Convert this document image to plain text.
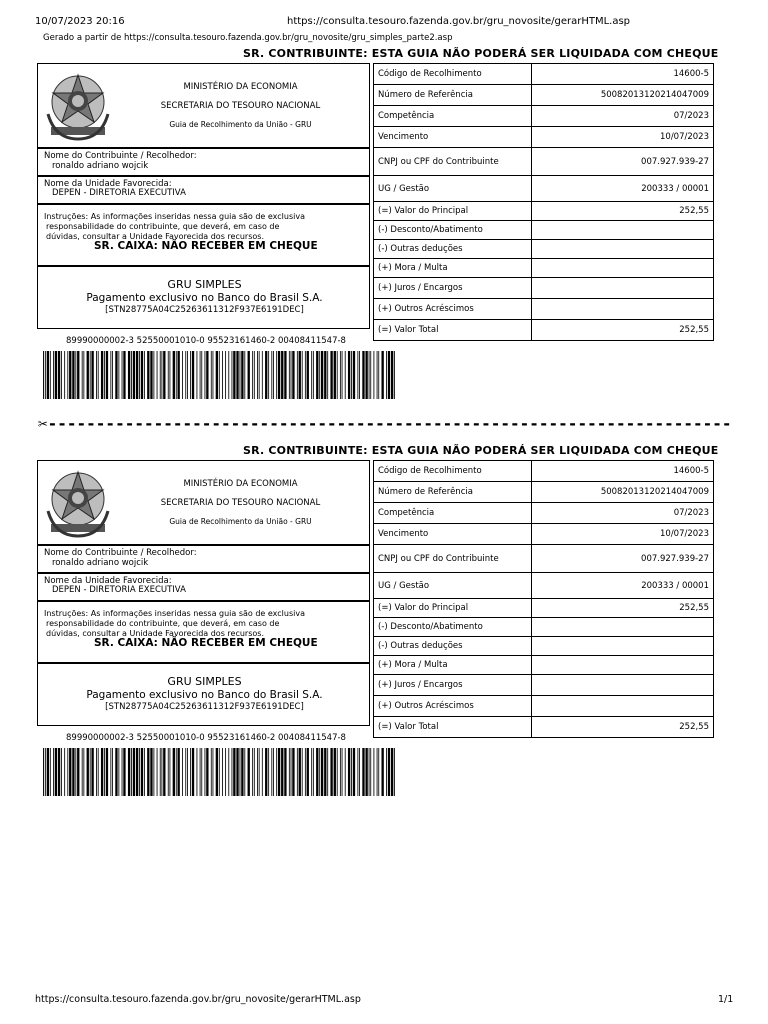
10/07/2023 20:16	https://consulta.tesouro.fazenda.gov.br/gru_novosite/gerarHTML.asp
Gerado a partir de https://consulta.tesouro.fazenda.gov.br/gru_novosite/gru_simples_parte2.asp
SR. CONTRIBUINTE: ESTA GUIA NÃO PODERÁ SER LIQUIDADA COM CHEQUE
MINISTÉRIO DA ECONOMIA
SECRETARIA DO TESOURO NACIONAL
Guia de Recolhimento da União - GRU
Nome do Contribuinte / Recolhedor:
ronaldo adriano wojcik
Nome da Unidade Favorecida:
DEPEN - DIRETORIA EXECUTIVA
Instruções: As informações inseridas nessa guia são de exclusiva
responsabilidade do contribuinte, que deverá, em caso de
dúvidas, consultar a Unidade Favorecida dos recursos.
SR. CAIXA: NÃO RECEBER EM CHEQUE
GRU SIMPLES
Pagamento exclusivo no Banco do Brasil S.A.
[STN28775A04C25263611312F937E6191DEC]
Código de Recolhimento	14600-5
Número de Referência	50082013120214047009
Competência	07/2023
Vencimento	10/07/2023
CNPJ ou CPF do Contribuinte	007.927.939-27
UG / Gestão	200333 / 00001
(=) Valor do Principal	252,55
(-) Desconto/Abatimento	
(-) Outras deduções	
(+) Mora / Multa	
(+) Juros / Encargos	
(+) Outros Acréscimos	
(=) Valor Total	252,55
89990000002-3 52550001010-0 95523161460-2 00408411547-8
✂-----------------------------------------------------------------------
SR. CONTRIBUINTE: ESTA GUIA NÃO PODERÁ SER LIQUIDADA COM CHEQUE
MINISTÉRIO DA ECONOMIA
SECRETARIA DO TESOURO NACIONAL
Guia de Recolhimento da União - GRU
Nome do Contribuinte / Recolhedor:
ronaldo adriano wojcik
Nome da Unidade Favorecida:
DEPEN - DIRETORIA EXECUTIVA
Instruções: As informações inseridas nessa guia são de exclusiva
responsabilidade do contribuinte, que deverá, em caso de
dúvidas, consultar a Unidade Favorecida dos recursos.
SR. CAIXA: NÃO RECEBER EM CHEQUE
GRU SIMPLES
Pagamento exclusivo no Banco do Brasil S.A.
[STN28775A04C25263611312F937E6191DEC]
Código de Recolhimento	14600-5
Número de Referência	50082013120214047009
Competência	07/2023
Vencimento	10/07/2023
CNPJ ou CPF do Contribuinte	007.927.939-27
UG / Gestão	200333 / 00001
(=) Valor do Principal	252,55
(-) Desconto/Abatimento	
(-) Outras deduções	
(+) Mora / Multa	
(+) Juros / Encargos	
(+) Outros Acréscimos	
(=) Valor Total	252,55
89990000002-3 52550001010-0 95523161460-2 00408411547-8
https://consulta.tesouro.fazenda.gov.br/gru_novosite/gerarHTML.asp	1/1
